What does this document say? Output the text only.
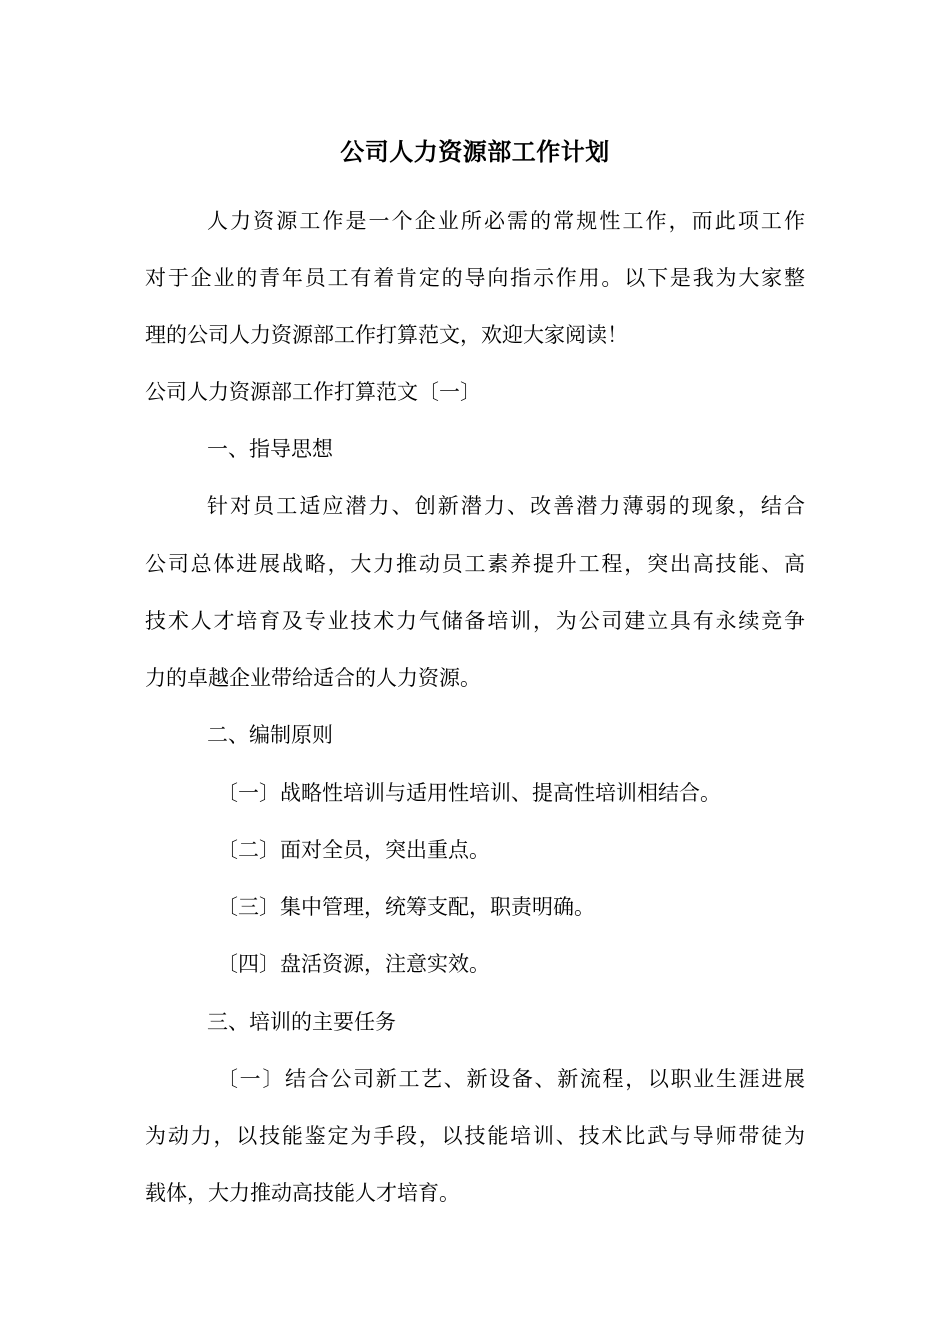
公司人力资源部工作计划
人力资源工作是一个企业所必需的常规性工作，而此项工作
对于企业的青年员工有着肯定的导向指示作用。以下是我为大家整
理的公司人力资源部工作打算范文，欢迎大家阅读！
公司人力资源部工作打算范文〔一〕
一、指导思想
针对员工适应潜力、创新潜力、改善潜力薄弱的现象，结合
公司总体进展战略，大力推动员工素养提升工程，突出高技能、高
技术人才培育及专业技术力气储备培训，为公司建立具有永续竞争
力的卓越企业带给适合的人力资源。
二、编制原则
〔一〕战略性培训与适用性培训、提高性培训相结合。
〔二〕面对全员，突出重点。
〔三〕集中管理，统筹支配，职责明确。
〔四〕盘活资源，注意实效。
三、培训的主要任务
〔一〕结合公司新工艺、新设备、新流程，以职业生涯进展
为动力，以技能鉴定为手段，以技能培训、技术比武与导师带徒为
载体，大力推动高技能人才培育。
